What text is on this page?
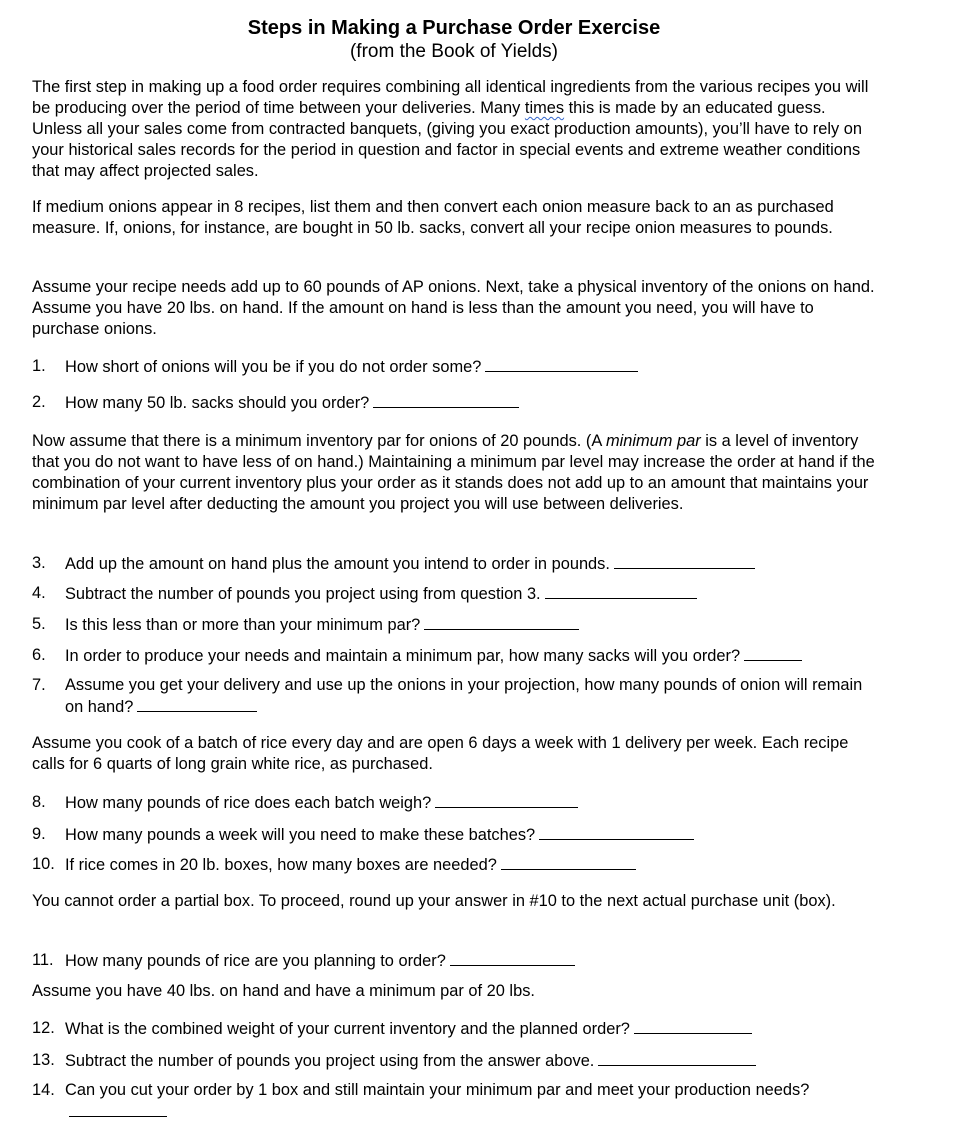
Steps in Making a Purchase Order Exercise
(from the Book of Yields)

The first step in making up a food order requires combining all identical ingredients from the various recipes you will be producing over the period of time between your deliveries. Many times this is made by an educated guess. Unless all your sales come from contracted banquets, (giving you exact production amounts), you’ll have to rely on your historical sales records for the period in question and factor in special events and extreme weather conditions that may affect projected sales.

If medium onions appear in 8 recipes, list them and then convert each onion measure back to an as purchased measure. If, onions, for instance, are bought in 50 lb. sacks, convert all your recipe onion measures to pounds.

Assume your recipe needs add up to 60 pounds of AP onions. Next, take a physical inventory of the onions on hand. Assume you have 20 lbs. on hand. If the amount on hand is less than the amount you need, you will have to purchase onions.

1. How short of onions will you be if you do not order some?
2. How many 50 lb. sacks should you order?

Now assume that there is a minimum inventory par for onions of 20 pounds. (A minimum par is a level of inventory that you do not want to have less of on hand.) Maintaining a minimum par level may increase the order at hand if the combination of your current inventory plus your order as it stands does not add up to an amount that maintains your minimum par level after deducting the amount you project you will use between deliveries.

3. Add up the amount on hand plus the amount you intend to order in pounds.
4. Subtract the number of pounds you project using from question 3.
5. Is this less than or more than your minimum par?
6. In order to produce your needs and maintain a minimum par, how many sacks will you order?
7. Assume you get your delivery and use up the onions in your projection, how many pounds of onion will remain on hand?

Assume you cook of a batch of rice every day and are open 6 days a week with 1 delivery per week. Each recipe calls for 6 quarts of long grain white rice, as purchased.

8. How many pounds of rice does each batch weigh?
9. How many pounds a week will you need to make these batches?
10. If rice comes in 20 lb. boxes, how many boxes are needed?

You cannot order a partial box. To proceed, round up your answer in #10 to the next actual purchase unit (box).

11. How many pounds of rice are you planning to order?

Assume you have 40 lbs. on hand and have a minimum par of 20 lbs.

12. What is the combined weight of your current inventory and the planned order?
13. Subtract the number of pounds you project using from the answer above.
14. Can you cut your order by 1 box and still maintain your minimum par and meet your production needs?
